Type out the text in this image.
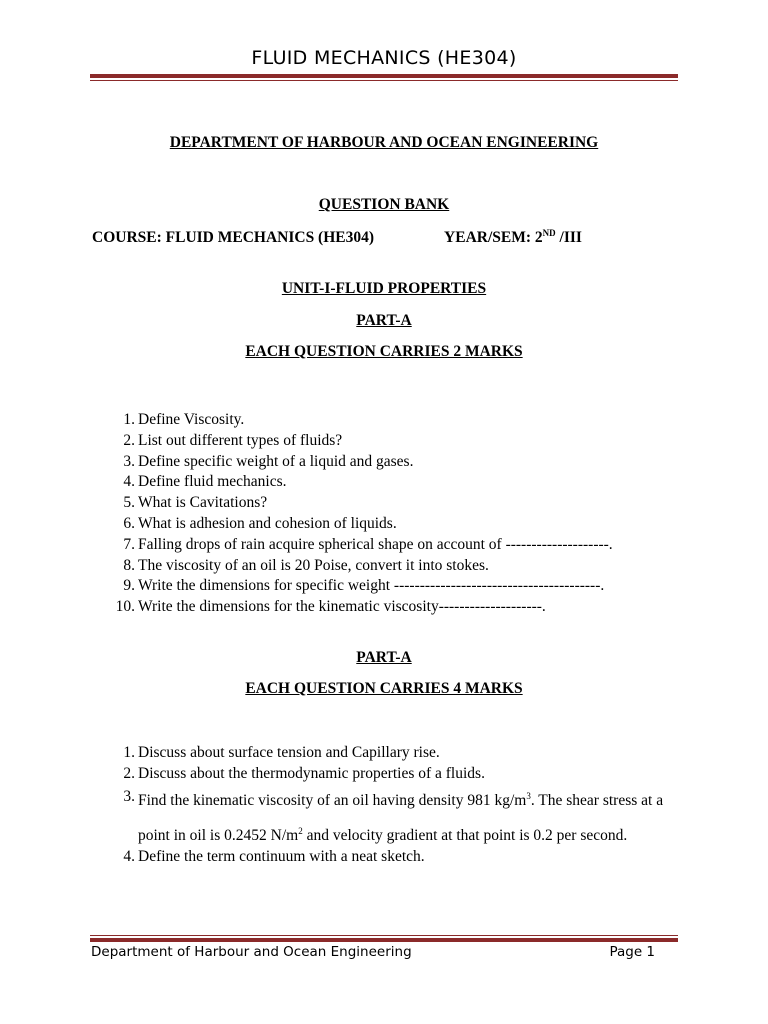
FLUID MECHANICS (HE304)
DEPARTMENT OF HARBOUR AND OCEAN ENGINEERING
QUESTION BANK
COURSE: FLUID MECHANICS (HE304)	YEAR/SEM: 2ND /III
UNIT-I-FLUID PROPERTIES
PART-A
EACH QUESTION CARRIES 2 MARKS
1. Define Viscosity.
2. List out different types of fluids?
3. Define specific weight of a liquid and gases.
4. Define fluid mechanics.
5. What is Cavitations?
6. What is adhesion and cohesion of liquids.
7. Falling drops of rain acquire spherical shape on account of --------------------.
8. The viscosity of an oil is 20 Poise, convert it into stokes.
9. Write the dimensions for specific weight ----------------------------------------.
10. Write the dimensions for the kinematic viscosity--------------------.
PART-A
EACH QUESTION CARRIES 4 MARKS
1. Discuss about surface tension and Capillary rise.
2. Discuss about the thermodynamic properties of a fluids.
3. Find the kinematic viscosity of an oil having density 981 $kg/m^3$. The shear stress at a point in oil is 0.2452 $N/m^2$ and velocity gradient at that point is 0.2 per second.
4. Define the term continuum with a neat sketch.
Department of Harbour and Ocean Engineering	Page 1
